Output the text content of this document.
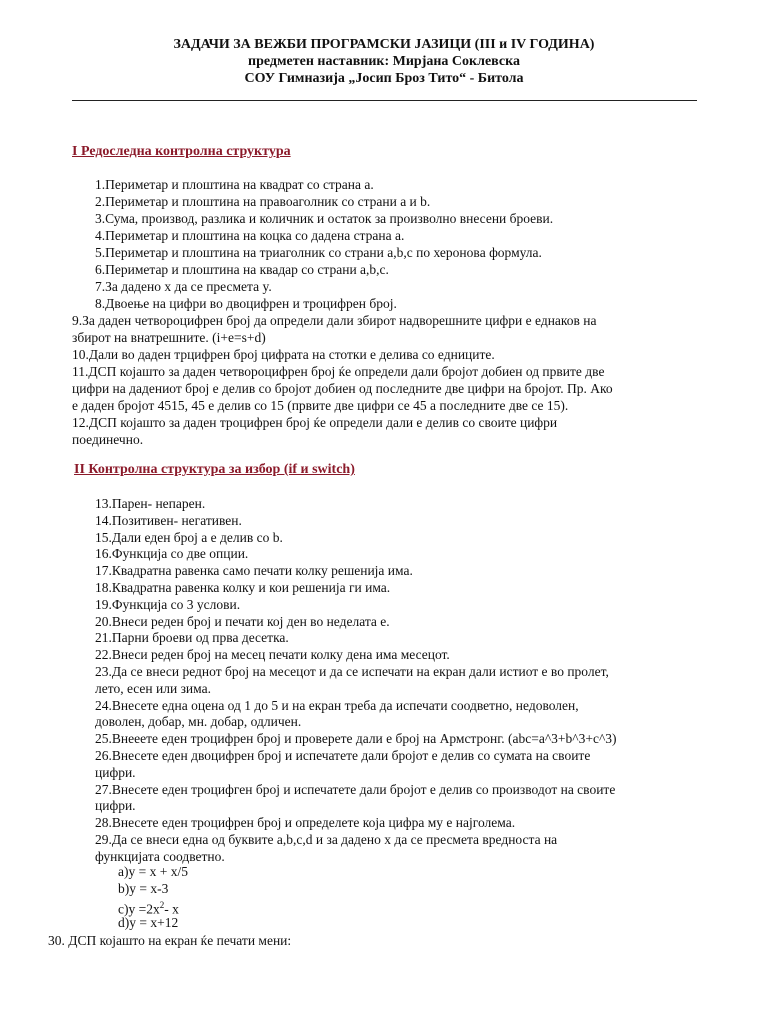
ЗАДАЧИ ЗА ВЕЖБИ ПРОГРАМСКИ ЈАЗИЦИ (III и IV ГОДИНА)
предметен наставник: Мирјана Соклевска
СОУ Гимназија „Јосип Броз Тито“ - Битола
I Редоследна контролна структура
1.Периметар и плоштина на квадрат со страна а.
2.Периметар и плоштина на правоаголник со страни а и b.
3.Сума, производ, разлика и количник и остаток за произволно внесени броеви.
4.Периметар и плоштина на коцка со дадена страна а.
5.Периметар и плоштина на триаголник со страни a,b,c по хероновa формула.
6.Периметар и плоштина на квадар со страни а,b,c.
7.За дадено x да се пресмета y.
8.Двоење на цифри во двоцифрен и троцифрен број.
9.За даден четвороцифрен број да определи дали збирот надворешните цифри е еднаков на
збирот на внатрешните. (i+e=s+d)
10.Дали во даден трцифрен број цифрата на стотки е делива со едниците.
11.ДСП којашто за даден четвороцифрен број ќе определи дали бројот добиен од првите две
цифри на дадениот број е делив со бројот добиен од последните две цифри на бројот. Пр. Ако
е даден бројот 4515, 45 е делив со 15 (првите две цифри се 45 а последните две се 15).
12.ДСП којашто за даден троцифрен број ќе определи дали е делив со своите цифри
поединечно.
II Контролна структура за избор (if и switch)
13.Парен- непарен.
14.Позитивен- негативен.
15.Дали еден број а е делив со b.
16.Функција со две опции.
17.Квадратна равенка само печати колку решенија има.
18.Квадратна равенка колку и кои решенија ги има.
19.Функција со 3 услови.
20.Внеси реден број и печати кој ден во неделата е.
21.Парни броеви од прва десетка.
22.Внеси реден број на месец печати колку дена има месецот.
23.Да се внеси реднот број на месецот и да се испечати на екран дали истиот е во пролет,
лето, есен или зима.
24.Внесете една оцена од 1 до 5 и на екран треба да испечати соодветно, недоволен,
доволен, добар, мн. добар, одличен.
25.Внееете еден троцифрен број и проверете дали е број на Армстронг. (abc=a^3+b^3+c^3)
26.Внесете еден двоцифрен број и испечатете дали бројот е делив со сумата на своите
цифри.
27.Внесете еден троцифген број и испечатете дали бројот е делив со производот на своите
цифри.
28.Внесете еден троцифрен број и определете која цифра му е најголема.
29.Да се внеси една од буквите a,b,c,d и за дадено х да се пресмета вредноста на
функцијата соодветно.
a)y = x + x/5
b)y = x-3
$c)y =2x^2-$ x
d)y = x+12
30. ДСП којашто на екран ќе печати мени:
